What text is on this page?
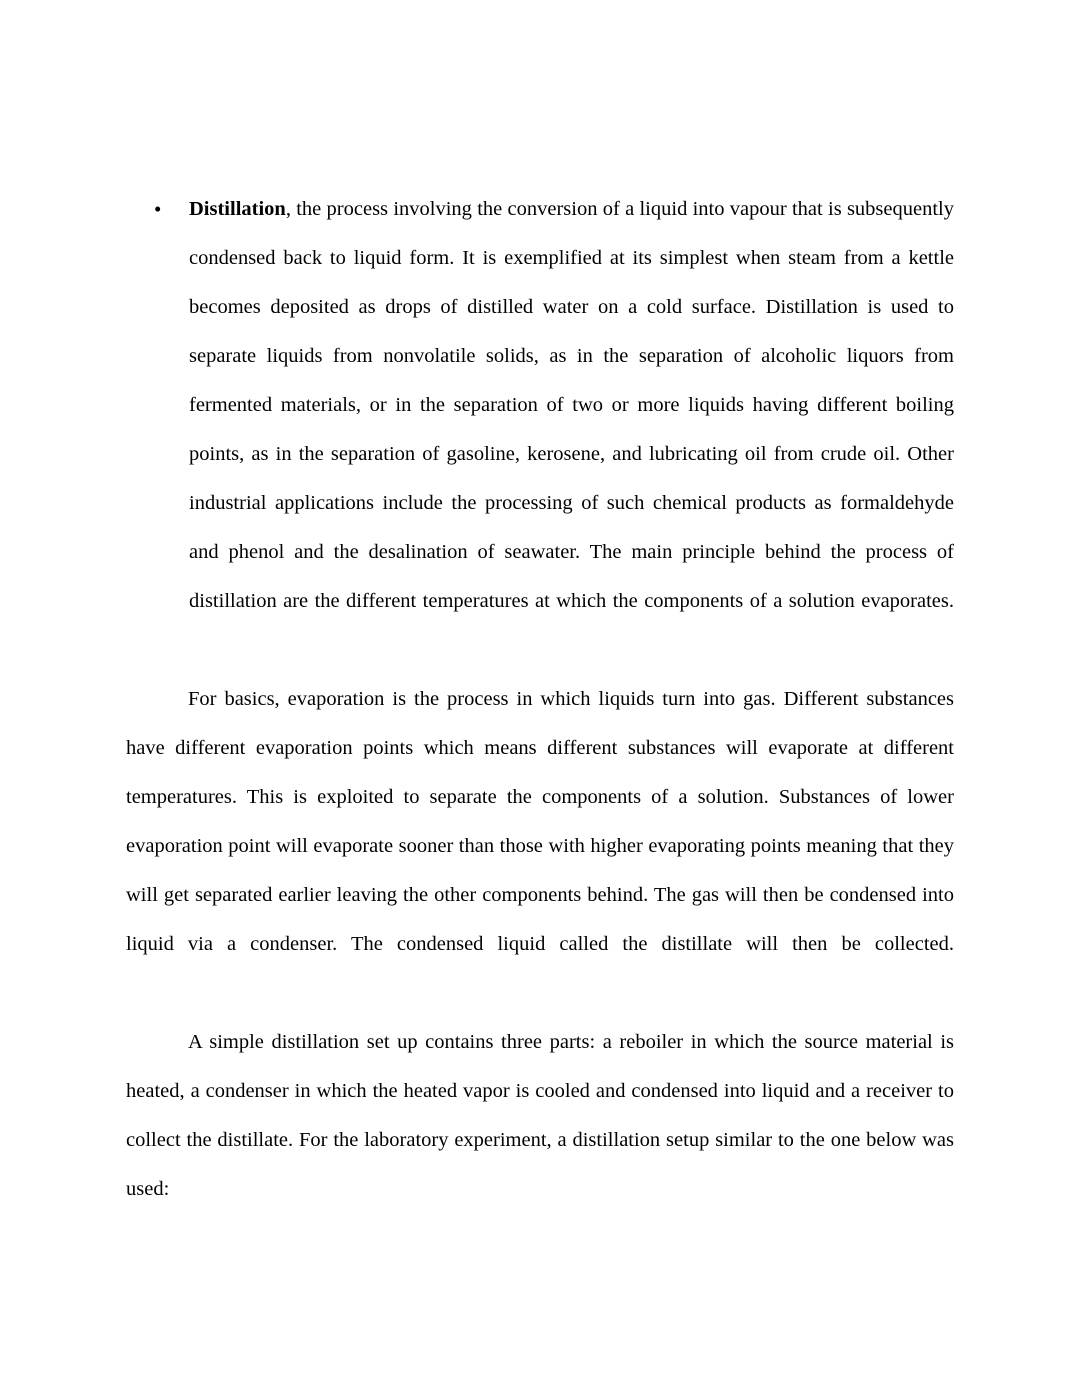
• Distillation, the process involving the conversion of a liquid into vapour that is subsequently condensed back to liquid form. It is exemplified at its simplest when steam from a kettle becomes deposited as drops of distilled water on a cold surface. Distillation is used to separate liquids from nonvolatile solids, as in the separation of alcoholic liquors from fermented materials, or in the separation of two or more liquids having different boiling points, as in the separation of gasoline, kerosene, and lubricating oil from crude oil. Other industrial applications include the processing of such chemical products as formaldehyde and phenol and the desalination of seawater. The main principle behind the process of distillation are the different temperatures at which the components of a solution evaporates.

For basics, evaporation is the process in which liquids turn into gas. Different substances have different evaporation points which means different substances will evaporate at different temperatures. This is exploited to separate the components of a solution. Substances of lower evaporation point will evaporate sooner than those with higher evaporating points meaning that they will get separated earlier leaving the other components behind. The gas will then be condensed into liquid via a condenser. The condensed liquid called the distillate will then be collected.

A simple distillation set up contains three parts: a reboiler in which the source material is heated, a condenser in which the heated vapor is cooled and condensed into liquid and a receiver to collect the distillate. For the laboratory experiment, a distillation setup similar to the one below was used:
